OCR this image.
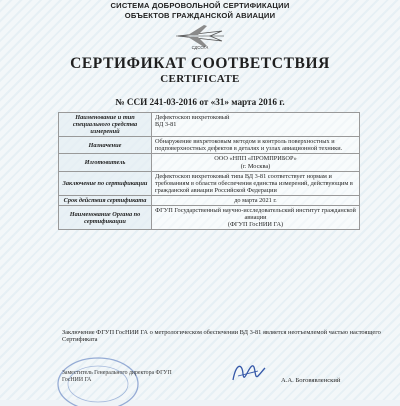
СИСТЕМА ДОБРОВОЛЬНОЙ СЕРТИФИКАЦИИ
ОБЪЕКТОВ ГРАЖДАНСКОЙ АВИАЦИИ
СДСОГА
СЕРТИФИКАТ СООТВЕТСТВИЯ
CERTIFICATE
№ ССИ 241-03-2016 от «31» марта 2016 г.
Наименование и тип специального средства измерений	Дефектоскоп вихретоковый
ВД 3-81

Назначение	Обнаружение вихретоковым методом и контроль поверхностных и подповерхностных дефектов в деталях и узлах авиационной техники.

Изготовитель	ООО «НПП «ПРОМПРИБОР»
(г. Москва)

Заключение по сертификации	Дефектоскоп вихретоковый типа ВД 3-81 соответствует нормам и требованиям в области обеспечения единства измерений, действующим в гражданской авиации Российской Федерации

Срок действия сертификата	до марта 2021 г.

Наименование Органа по сертификации	ФГУП Государственный научно-исследовательский институт гражданской авиации
(ФГУП ГосНИИ ГА)
Заключение ФГУП ГосНИИ ГА о метрологическом обеспечении ВД 3-81 является неотъемлемой частью настоящего Сертификата
Заместитель Генерального директора ФГУП ГосНИИ ГА	А.А. Боговявленский
